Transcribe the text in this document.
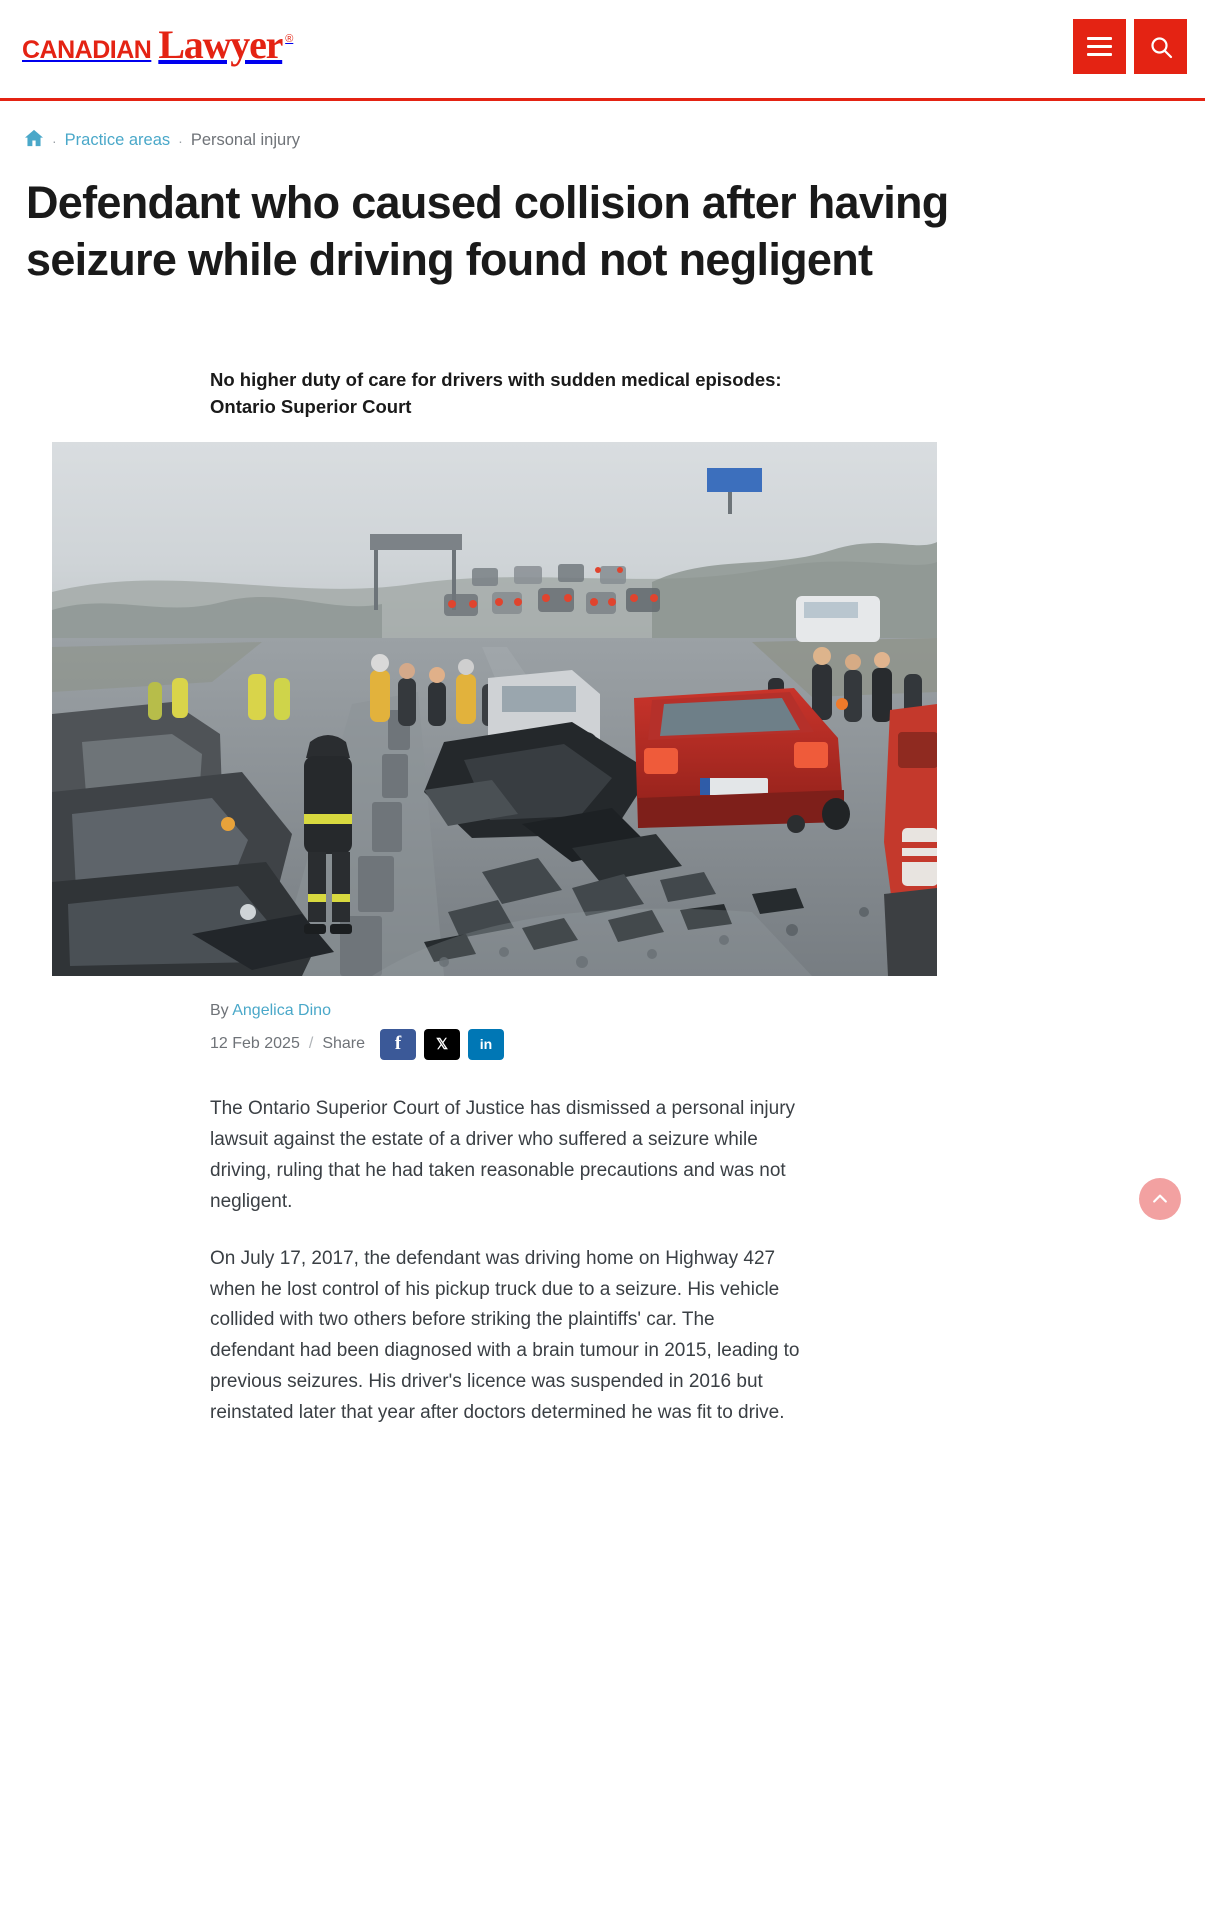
CANADIAN Lawyer ®
· Practice areas · Personal injury
Defendant who caused collision after having seizure while driving found not negligent

No higher duty of care for drivers with sudden medical episodes: Ontario Superior Court

By Angelica Dino
12 Feb 2025 / Share	f	𝕏	in

The Ontario Superior Court of Justice has dismissed a personal injury lawsuit against the estate of a driver who suffered a seizure while driving, ruling that he had taken reasonable precautions and was not negligent.

On July 17, 2017, the defendant was driving home on Highway 427 when he lost control of his pickup truck due to a seizure. His vehicle collided with two others before striking the plaintiffs' car. The defendant had been diagnosed with a brain tumour in 2015, leading to previous seizures. His driver's licence was suspended in 2016 but reinstated later that year after doctors determined he was fit to drive.
